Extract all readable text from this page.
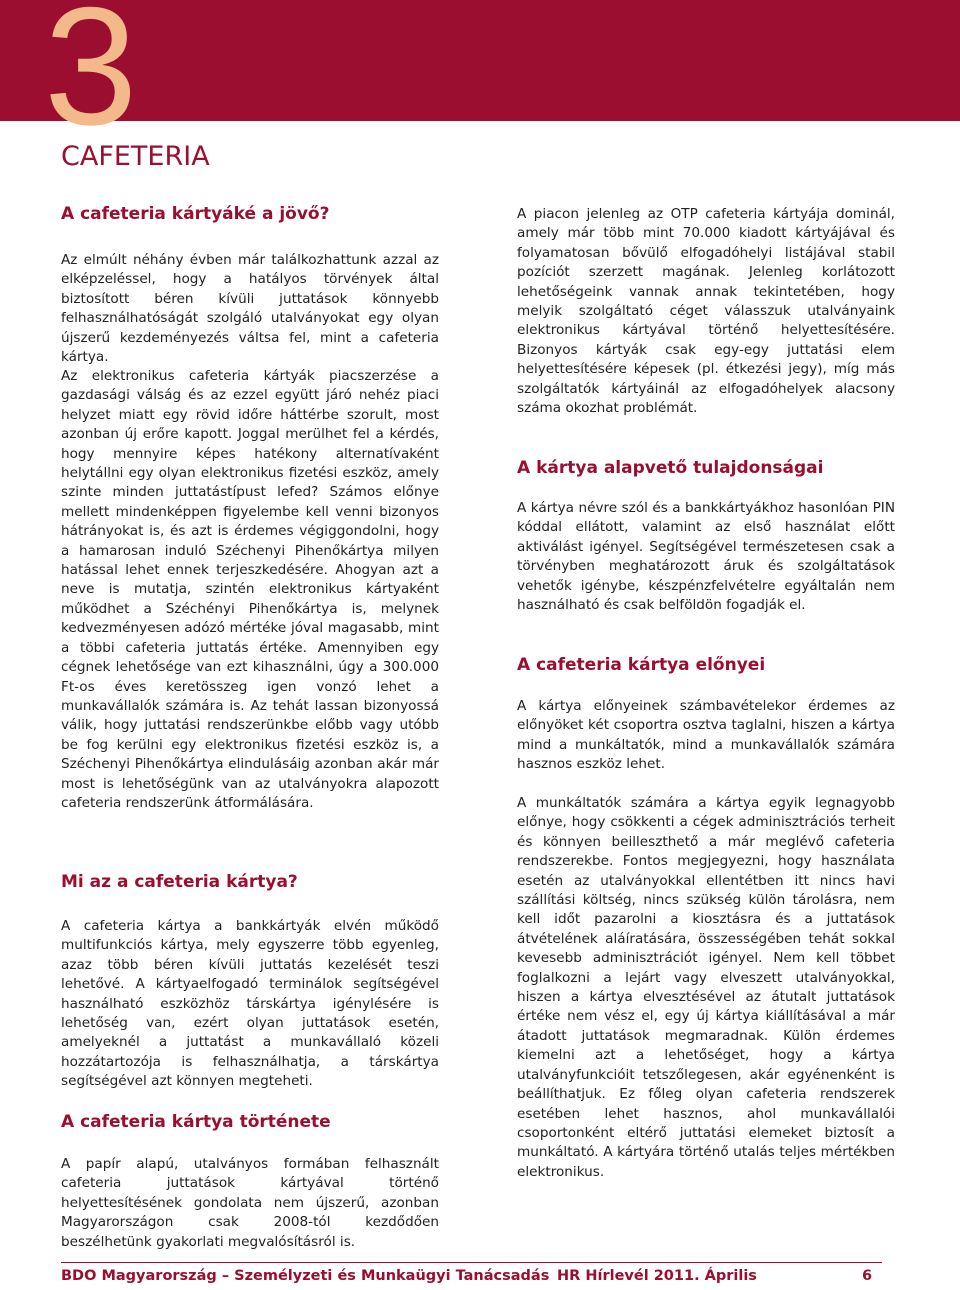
3
CAFETERIA
A cafeteria kártyáké a jövő?

Az elmúlt néhány évben már találkozhattunk azzal az elképzeléssel, hogy a hatályos törvények által biztosított béren kívüli juttatások könnyebb felhasználhatóságát szolgáló utalványokat egy olyan újszerű kezdeményezés váltsa fel, mint a cafeteria kártya.

Az elektronikus cafeteria kártyák piacszerzése a gazdasági válság és az ezzel együtt járó nehéz piaci helyzet miatt egy rövid időre háttérbe szorult, most azonban új erőre kapott. Joggal merülhet fel a kérdés, hogy mennyire képes hatékony alternatívaként helytállni egy olyan elektronikus fizetési eszköz, amely szinte minden juttatástípust lefed? Számos előnye mellett mindenképpen figyelembe kell venni bizonyos hátrányokat is, és azt is érdemes végiggondolni, hogy a hamarosan induló Széchenyi Pihenőkártya milyen hatással lehet ennek terjeszkedésére. Ahogyan azt a neve is mutatja, szintén elektronikus kártyaként működhet a Széchényi Pihenőkártya is, melynek kedvezményesen adózó mértéke jóval magasabb, mint a többi cafeteria juttatás értéke. Amennyiben egy cégnek lehetősége van ezt kihasználni, úgy a 300.000 Ft-os éves keretösszeg igen vonzó lehet a munkavállalók számára is. Az tehát lassan bizonyossá válik, hogy juttatási rendszerünkbe előbb vagy utóbb be fog kerülni egy elektronikus fizetési eszköz is, a Széchenyi Pihenőkártya elindulásáig azonban akár már most is lehetőségünk van az utalványokra alapozott cafeteria rendszerünk átformálására.

Mi az a cafeteria kártya?

A cafeteria kártya a bankkártyák elvén működő multifunkciós kártya, mely egyszerre több egyenleg, azaz több béren kívüli juttatás kezelését teszi lehetővé. A kártyaelfogadó terminálok segítségével használható eszközhöz társkártya igénylésére is lehetőség van, ezért olyan juttatások esetén, amelyeknél a juttatást a munkavállaló közeli hozzátartozója is felhasználhatja, a társkártya segítségével azt könnyen megteheti.

A cafeteria kártya története

A papír alapú, utalványos formában felhasznált cafeteria juttatások kártyával történő helyettesítésének gondolata nem újszerű, azonban Magyarországon csak 2008-tól kezdődően beszélhetünk gyakorlati megvalósításról is.

A piacon jelenleg az OTP cafeteria kártyája dominál, amely már több mint 70.000 kiadott kártyájával és folyamatosan bővülő elfogadóhelyi listájával stabil pozíciót szerzett magának. Jelenleg korlátozott lehetőségeink vannak annak tekintetében, hogy melyik szolgáltató céget válasszuk utalványaink elektronikus kártyával történő helyettesítésére. Bizonyos kártyák csak egy-egy juttatási elem helyettesítésére képesek (pl. étkezési jegy), míg más szolgáltatók kártyáinál az elfogadóhelyek alacsony száma okozhat problémát.

A kártya alapvető tulajdonságai

A kártya névre szól és a bankkártyákhoz hasonlóan PIN kóddal ellátott, valamint az első használat előtt aktiválást igényel. Segítségével természetesen csak a törvényben meghatározott áruk és szolgáltatások vehetők igénybe, készpénzfelvételre egyáltalán nem használható és csak belföldön fogadják el.

A cafeteria kártya előnyei

A kártya előnyeinek számbavételekor érdemes az előnyöket két csoportra osztva taglalni, hiszen a kártya mind a munkáltatók, mind a munkavállalók számára hasznos eszköz lehet.

A munkáltatók számára a kártya egyik legnagyobb előnye, hogy csökkenti a cégek adminisztrációs terheit és könnyen beilleszthető a már meglévő cafeteria rendszerekbe. Fontos megjegyezni, hogy használata esetén az utalványokkal ellentétben itt nincs havi szállítási költség, nincs szükség külön tárolásra, nem kell időt pazarolni a kiosztásra és a juttatások átvételének aláíratására, összességében tehát sokkal kevesebb adminisztrációt igényel. Nem kell többet foglalkozni a lejárt vagy elveszett utalványokkal, hiszen a kártya elvesztésével az átutalt juttatások értéke nem vész el, egy új kártya kiállításával a már átadott juttatások megmaradnak. Külön érdemes kiemelni azt a lehetőséget, hogy a kártya utalványfunkcióit tetszőlegesen, akár egyénenként is beállíthatjuk. Ez főleg olyan cafeteria rendszerek esetében lehet hasznos, ahol munkavállalói csoportonként eltérő juttatási elemeket biztosít a munkáltató. A kártyára történő utalás teljes mértékben elektronikus.

BDO Magyarország – Személyzeti és Munkaügyi Tanácsadás HR Hírlevél 2011. Április	6
